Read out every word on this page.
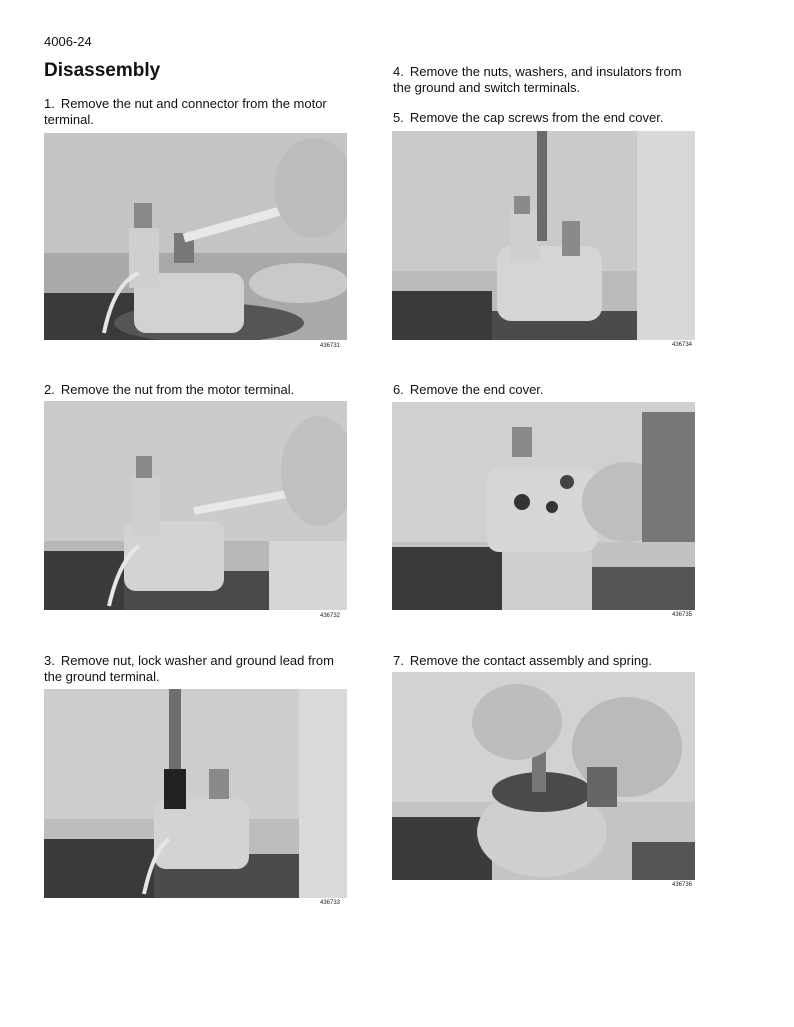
4006-24
Disassembly
1. Remove the nut and connector from the motor terminal.
436731
2. Remove the nut from the motor terminal.
436732
3. Remove nut, lock washer and ground lead from the ground terminal.
436733
4. Remove the nuts, washers, and insulators from the ground and switch terminals.
5. Remove the cap screws from the end cover.
436734
6. Remove the end cover.
436735
7. Remove the contact assembly and spring.
436736
